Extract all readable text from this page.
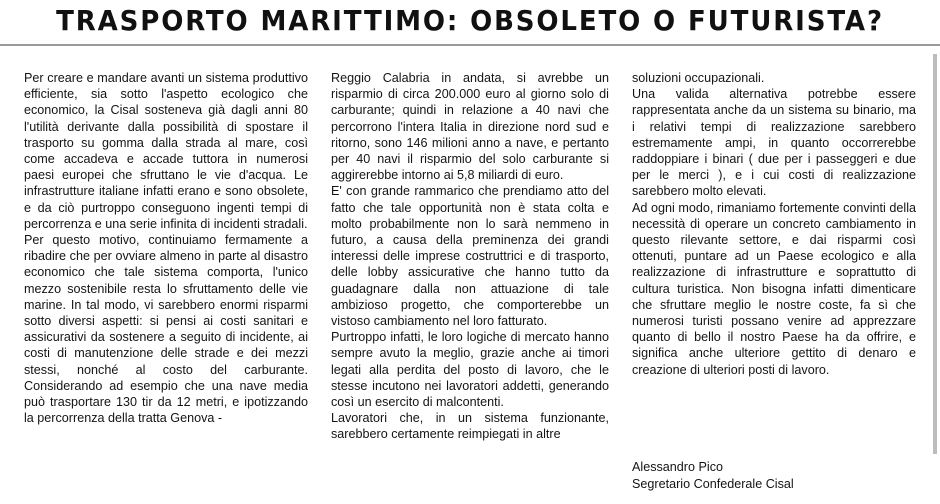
TRASPORTO MARITTIMO: OBSOLETO O FUTURISTA?

Per creare e mandare avanti un sistema produttivo efficiente, sia sotto l'aspetto ecologico che economico, la Cisal sosteneva già dagli anni 80 l'utilità derivante dalla possibilità di spostare il trasporto su gomma dalla strada al mare, così come accadeva e accade tuttora in numerosi paesi europei che sfruttano le vie d'acqua. Le infrastrutture italiane infatti erano e sono obsolete, e da ciò purtroppo conseguono ingenti tempi di percorrenza e una serie infinita di incidenti stradali.

Per questo motivo, continuiamo fermamente a ribadire che per ovviare almeno in parte al disastro economico che tale sistema comporta, l'unico mezzo sostenibile resta lo sfruttamento delle vie marine. In tal modo, vi sarebbero enormi risparmi sotto diversi aspetti: si pensi ai costi sanitari e assicurativi da sostenere a seguito di incidente, ai costi di manutenzione delle strade e dei mezzi stessi, nonché al costo del carburante. Considerando ad esempio che una nave media può trasportare 130 tir da 12 metri, e ipotizzando la percorrenza della tratta Genova -

Reggio Calabria in andata, si avrebbe un risparmio di circa 200.000 euro al giorno solo di carburante; quindi in relazione a 40 navi che percorrono l'intera Italia in direzione nord sud e ritorno, sono 146 milioni anno a nave, e pertanto per 40 navi il risparmio del solo carburante si aggirerebbe intorno ai 5,8 miliardi di euro.

E' con grande rammarico che prendiamo atto del fatto che tale opportunità non è stata colta e molto probabilmente non lo sarà nemmeno in futuro, a causa della preminenza dei grandi interessi delle imprese costruttrici e di trasporto, delle lobby assicurative che hanno tutto da guadagnare dalla non attuazione di tale ambizioso progetto, che comporterebbe un vistoso cambiamento nel loro fatturato.

Purtroppo infatti, le loro logiche di mercato hanno sempre avuto la meglio, grazie anche ai timori legati alla perdita del posto di lavoro, che le stesse incutono nei lavoratori addetti, generando così un esercito di malcontenti.

Lavoratori che, in un sistema funzionante, sarebbero certamente reimpiegati in altre

soluzioni occupazionali.

Una valida alternativa potrebbe essere rappresentata anche da un sistema su binario, ma i relativi tempi di realizzazione sarebbero estremamente ampi, in quanto occorrerebbe raddoppiare i binari ( due per i passeggeri e due per le merci ), e i cui costi di realizzazione sarebbero molto elevati.

Ad ogni modo, rimaniamo fortemente convinti della necessità di operare un concreto cambiamento in questo rilevante settore, e dai risparmi così ottenuti, puntare ad un Paese ecologico e alla realizzazione di infrastrutture e soprattutto di cultura turistica. Non bisogna infatti dimenticare che sfruttare meglio le nostre coste, fa sì che numerosi turisti possano venire ad apprezzare quanto di bello il nostro Paese ha da offrire, e significa anche ulteriore gettito di denaro e creazione di ulteriori posti di lavoro.

Alessandro Pico
Segretario Confederale Cisal
